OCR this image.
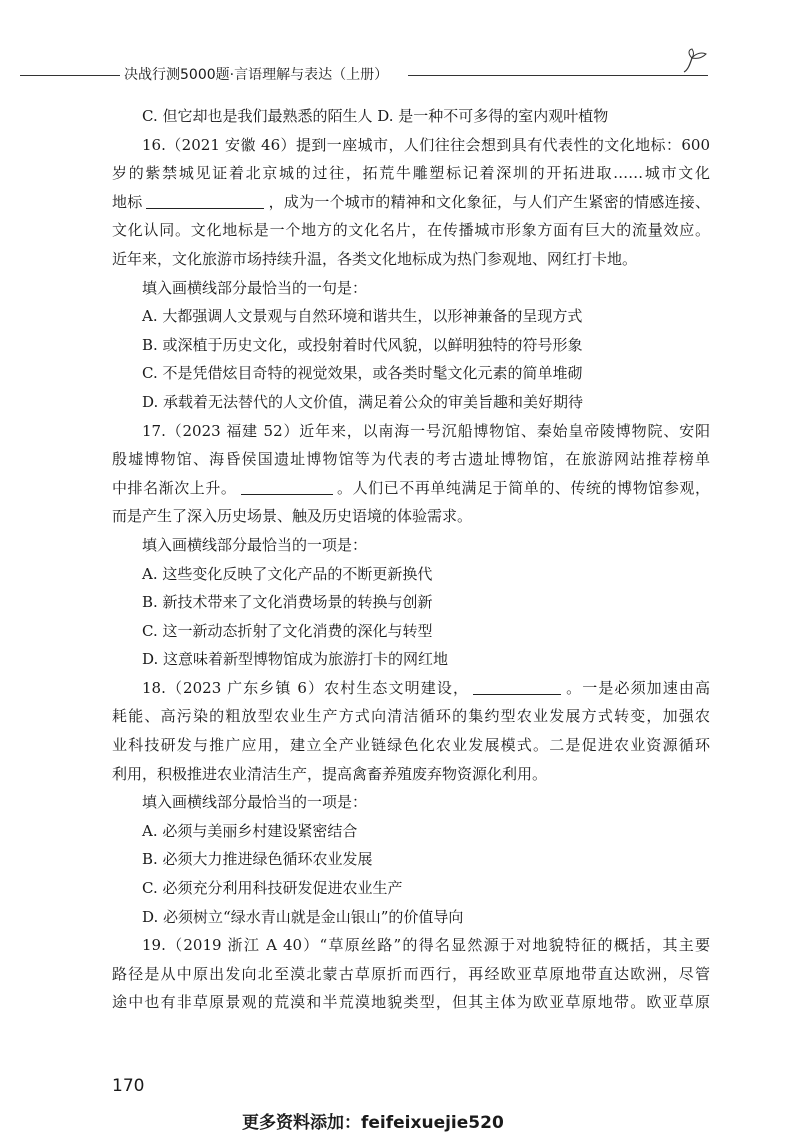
决战行测5000题·言语理解与表达（上册）
C. 但它却也是我们最熟悉的陌生人 D. 是一种不可多得的室内观叶植物
16.（2021 安徽 46）提到一座城市，人们往往会想到具有代表性的文化地标：600
岁的紫禁城见证着北京城的过往，拓荒牛雕塑标记着深圳的开拓进取……城市文化
地标	，成为一个城市的精神和文化象征，与人们产生紧密的情感连接、
文化认同。文化地标是一个地方的文化名片，在传播城市形象方面有巨大的流量效应。
近年来，文化旅游市场持续升温，各类文化地标成为热门参观地、网红打卡地。
填入画横线部分最恰当的一句是：
A. 大都强调人文景观与自然环境和谐共生，以形神兼备的呈现方式
B. 或深植于历史文化，或投射着时代风貌，以鲜明独特的符号形象
C. 不是凭借炫目奇特的视觉效果，或各类时髦文化元素的简单堆砌
D. 承载着无法替代的人文价值，满足着公众的审美旨趣和美好期待
17.（2023 福建 52）近年来，以南海一号沉船博物馆、秦始皇帝陵博物院、安阳
殷墟博物馆、海昏侯国遗址博物馆等为代表的考古遗址博物馆，在旅游网站推荐榜单
中排名渐次上升。	。人们已不再单纯满足于简单的、传统的博物馆参观，
而是产生了深入历史场景、触及历史语境的体验需求。
填入画横线部分最恰当的一项是：
A. 这些变化反映了文化产品的不断更新换代
B. 新技术带来了文化消费场景的转换与创新
C. 这一新动态折射了文化消费的深化与转型
D. 这意味着新型博物馆成为旅游打卡的网红地
18.（2023 广东乡镇 6）农村生态文明建设，	。一是必须加速由高
耗能、高污染的粗放型农业生产方式向清洁循环的集约型农业发展方式转变，加强农
业科技研发与推广应用，建立全产业链绿色化农业发展模式。二是促进农业资源循环
利用，积极推进农业清洁生产，提高禽畜养殖废弃物资源化利用。
填入画横线部分最恰当的一项是：
A. 必须与美丽乡村建设紧密结合
B. 必须大力推进绿色循环农业发展
C. 必须充分利用科技研发促进农业生产
D. 必须树立“绿水青山就是金山银山”的价值导向
19.（2019 浙江 A 40）“草原丝路”的得名显然源于对地貌特征的概括，其主要
路径是从中原出发向北至漠北蒙古草原折而西行，再经欧亚草原地带直达欧洲，尽管
途中也有非草原景观的荒漠和半荒漠地貌类型，但其主体为欧亚草原地带。欧亚草原
170
更多资料添加：feifeixuejie520
